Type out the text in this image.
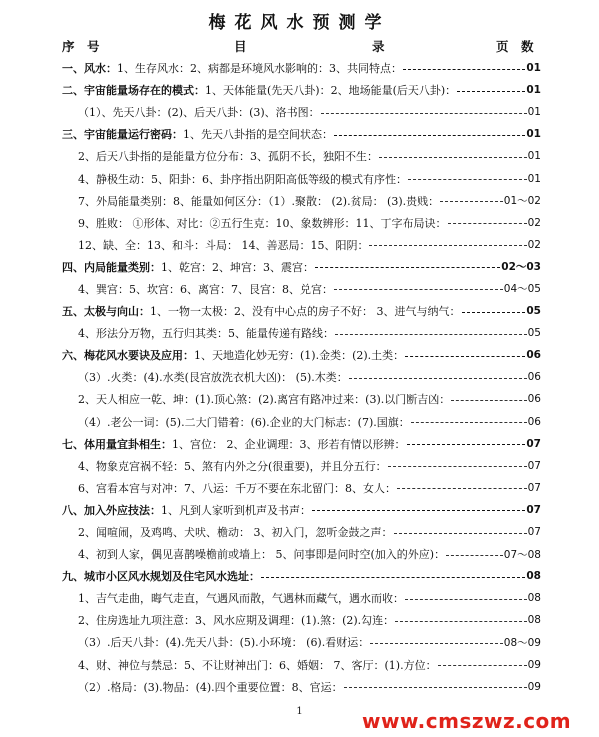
梅花风水预测学
序　号	目	录	页　数
一、风水：1、生存风水：2、病都是环境风水影响的：3、共同特点：	01
二、宇宙能量场存在的模式：1、天体能量(先天八卦)：2、地场能量(后天八卦)：	01
（1）、先天八卦：(2)、后天八卦：(3)、洛书图：	01
三、宇宙能量运行密码：1、先天八卦指的是空间状态：	01
2、后天八卦指的是能量方位分布：3、孤阴不长，独阳不生：	01
4、静极生动：5、阳卦：6、卦序指出阴阳高低等级的模式有序性：	01
7、外局能量类别：8、能量如何区分：（1）.聚散： (2).贫局： (3).贵贱：	01～02
9、胜败： ①形体、对比：②五行生克：10、象数辨形：11、丁字布局诀：	02
12、缺、全：13、和斗：斗局： 14、善恶局：15、阳阴：	02
四、内局能量类别：1、乾宫：2、坤宫：3、震宫：	02～03
4、巽宫：5、坎宫：6、离宫：7、艮宫：8、兑宫：	04～05
五、太极与向山：1、一物一太极：2、没有中心点的房子不好： 3、进气与纳气：	05
4、形法分万物，五行归其类：5、能量传递有路线：	05
六、梅花风水要诀及应用：1、天地造化妙无穷：(1).金类：(2).土类：	06
（3）.火类：(4).水类(艮宫放洗衣机大凶)： (5).木类：	06
2、天人相应一乾、坤：(1).顶心煞：(2).离宫有路冲过来：(3).以门断吉凶：	06
（4）.老公一词：(5).二大门错着：(6).企业的大门标志：(7).国旗：	06
七、体用量宜卦相生：1、宫位： 2、企业调理：3、形若有情以形辨：	07
4、物象克宫祸不轻：5、煞有内外之分(很重要)，并且分五行：	07
6、宫看本宫与对冲：7、八运：千万不要在东北留门：8、女人：	07
八、加入外应技法：1、凡到人家听到机声及书声：	07
2、闻喧闹，及鸡鸣、犬吠、檐动： 3、初入门，忽听金鼓之声：	07
4、初到人家，偶见喜鹊噪檐前或墙上： 5、问事即是问时空(加入的外应)：	07～08
九、城市小区风水规划及住宅风水选址：	08
1、吉气走曲，晦气走直，气遇风而散，气遇林而藏气，遇水而收：	08
2、住房选址九项注意：3、风水应期及调理：(1).煞：(2).勾连：	08
（3）.后天八卦：(4).先天八卦：(5).小环境： (6).看财运：	08～09
4、财、神位与禁忌：5、不让财神出门：6、婚姻： 7、客厅：(1).方位：	09
（2）.格局：(3).物品：(4).四个重要位置：8、官运：	09
1	www.cmszwz.com
